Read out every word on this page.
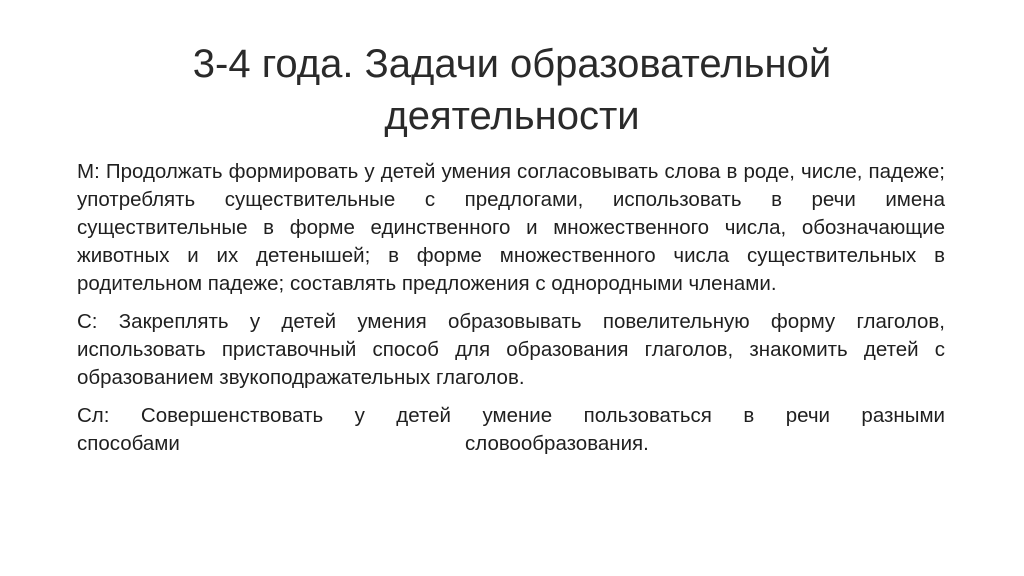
3-4 года. Задачи образовательной
деятельности

М: Продолжать формировать у детей умения согласовывать слова в роде, числе, падеже; употреблять существительные с предлогами, использовать в речи имена существительные в форме единственного и множественного числа, обозначающие животных и их детенышей; в форме множественного числа существительных в родительном падеже; составлять предложения с однородными членами.

С: Закреплять у детей умения образовывать повелительную форму глаголов, использовать приставочный способ для образования глаголов, знакомить детей с образованием звукоподражательных глаголов.

Сл: Совершенствовать у детей умение пользоваться в речи разными
способами	словообразования.
